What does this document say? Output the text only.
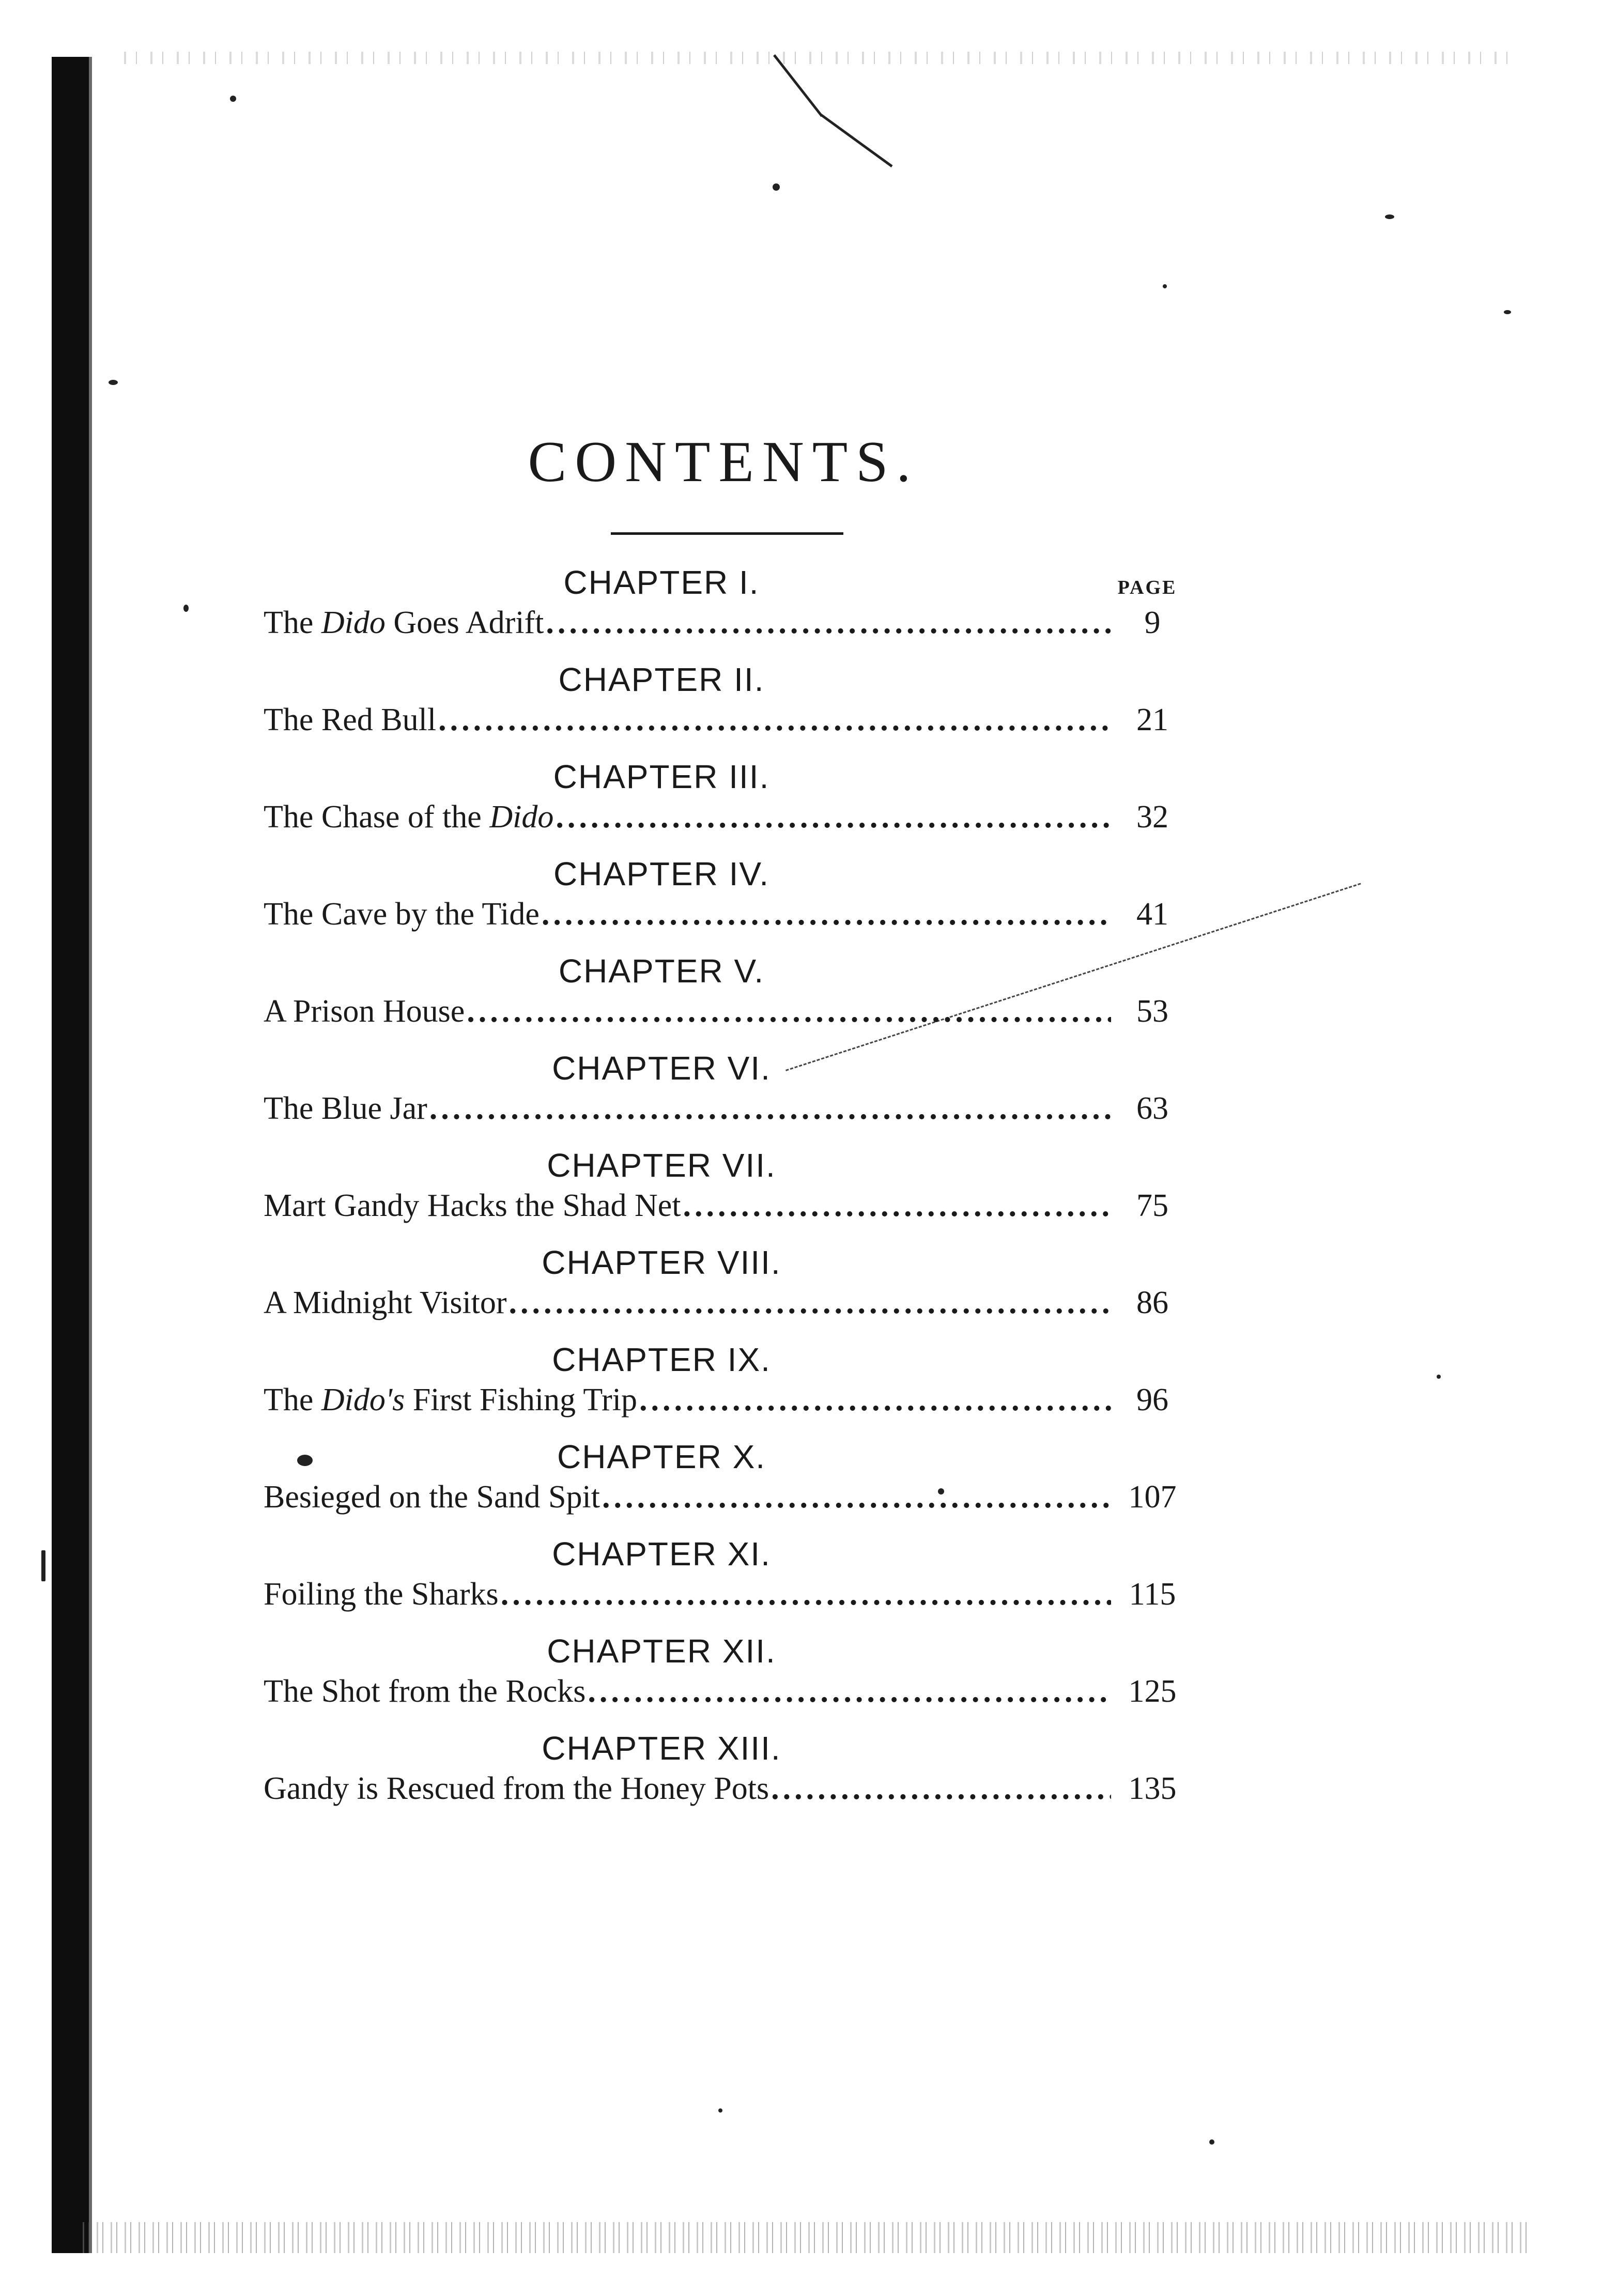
CONTENTS.
PAGE
CHAPTER I.
The Dido Goes Adrift .....	9
CHAPTER II.
The Red Bull .....	21
CHAPTER III.
The Chase of the Dido .....	32
CHAPTER IV.
The Cave by the Tide .....	41
CHAPTER V.
A Prison House .....	53
CHAPTER VI.
The Blue Jar .....	63
CHAPTER VII.
Mart Gandy Hacks the Shad Net .....	75
CHAPTER VIII.
A Midnight Visitor .....	86
CHAPTER IX.
The Dido's First Fishing Trip .....	96
CHAPTER X.
Besieged on the Sand Spit .....	107
CHAPTER XI.
Foiling the Sharks .....	115
CHAPTER XII.
The Shot from the Rocks .....	125
CHAPTER XIII.
Gandy is Rescued from the Honey Pots .....	135
